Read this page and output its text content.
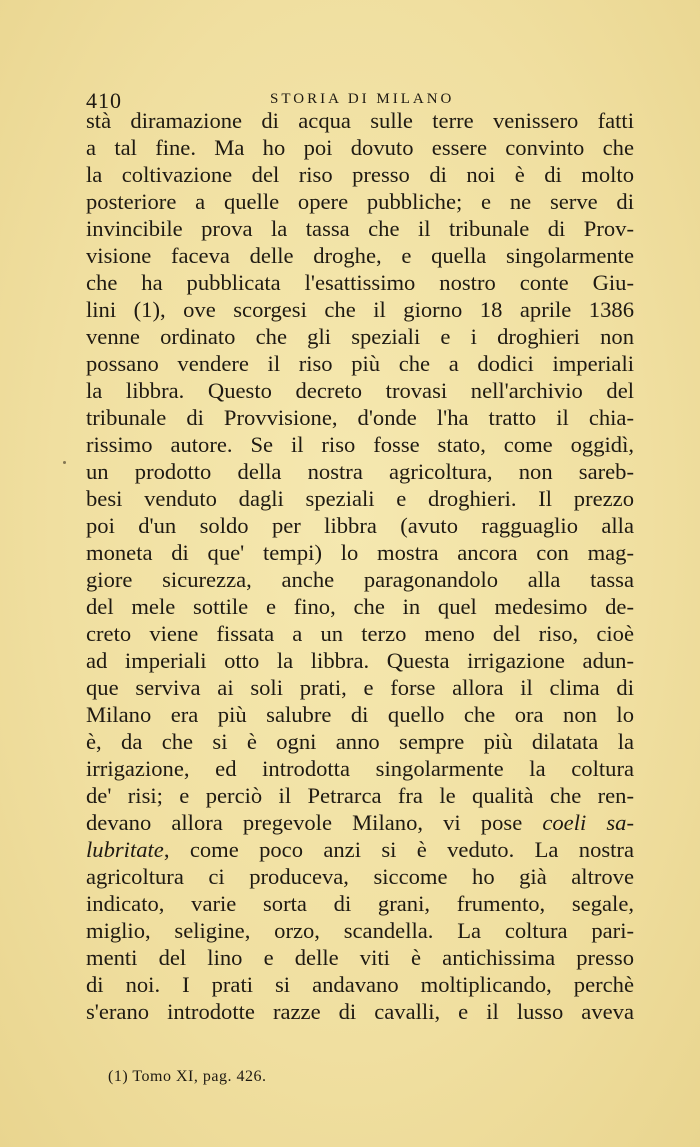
410	STORIA DI MILANO
stà diramazione di acqua sulle terre venissero fatti
a tal fine. Ma ho poi dovuto essere convinto che
la coltivazione del riso presso di noi è di molto
posteriore a quelle opere pubbliche; e ne serve di
invincibile prova la tassa che il tribunale di Prov-
visione faceva delle droghe, e quella singolarmente
che ha pubblicata l'esattissimo nostro conte Giu-
lini (1), ove scorgesi che il giorno 18 aprile 1386
venne ordinato che gli speziali e i droghieri non
possano vendere il riso più che a dodici imperiali
la libbra. Questo decreto trovasi nell'archivio del
tribunale di Provvisione, d'onde l'ha tratto il chia-
rissimo autore. Se il riso fosse stato, come oggidì,
un prodotto della nostra agricoltura, non sareb-
besi venduto dagli speziali e droghieri. Il prezzo
poi d'un soldo per libbra (avuto ragguaglio alla
moneta di que' tempi) lo mostra ancora con mag-
giore sicurezza, anche paragonandolo alla tassa
del mele sottile e fino, che in quel medesimo de-
creto viene fissata a un terzo meno del riso, cioè
ad imperiali otto la libbra. Questa irrigazione adun-
que serviva ai soli prati, e forse allora il clima di
Milano era più salubre di quello che ora non lo
è, da che si è ogni anno sempre più dilatata la
irrigazione, ed introdotta singolarmente la coltura
de' risi; e perciò il Petrarca fra le qualità che ren-
devano allora pregevole Milano, vi pose coeli sa-
lubritate, come poco anzi si è veduto. La nostra
agricoltura ci produceva, siccome ho già altrove
indicato, varie sorta di grani, frumento, segale,
miglio, seligine, orzo, scandella. La coltura pari-
menti del lino e delle viti è antichissima presso
di noi. I prati si andavano moltiplicando, perchè
s'erano introdotte razze di cavalli, e il lusso aveva
(1) Tomo XI, pag. 426.
